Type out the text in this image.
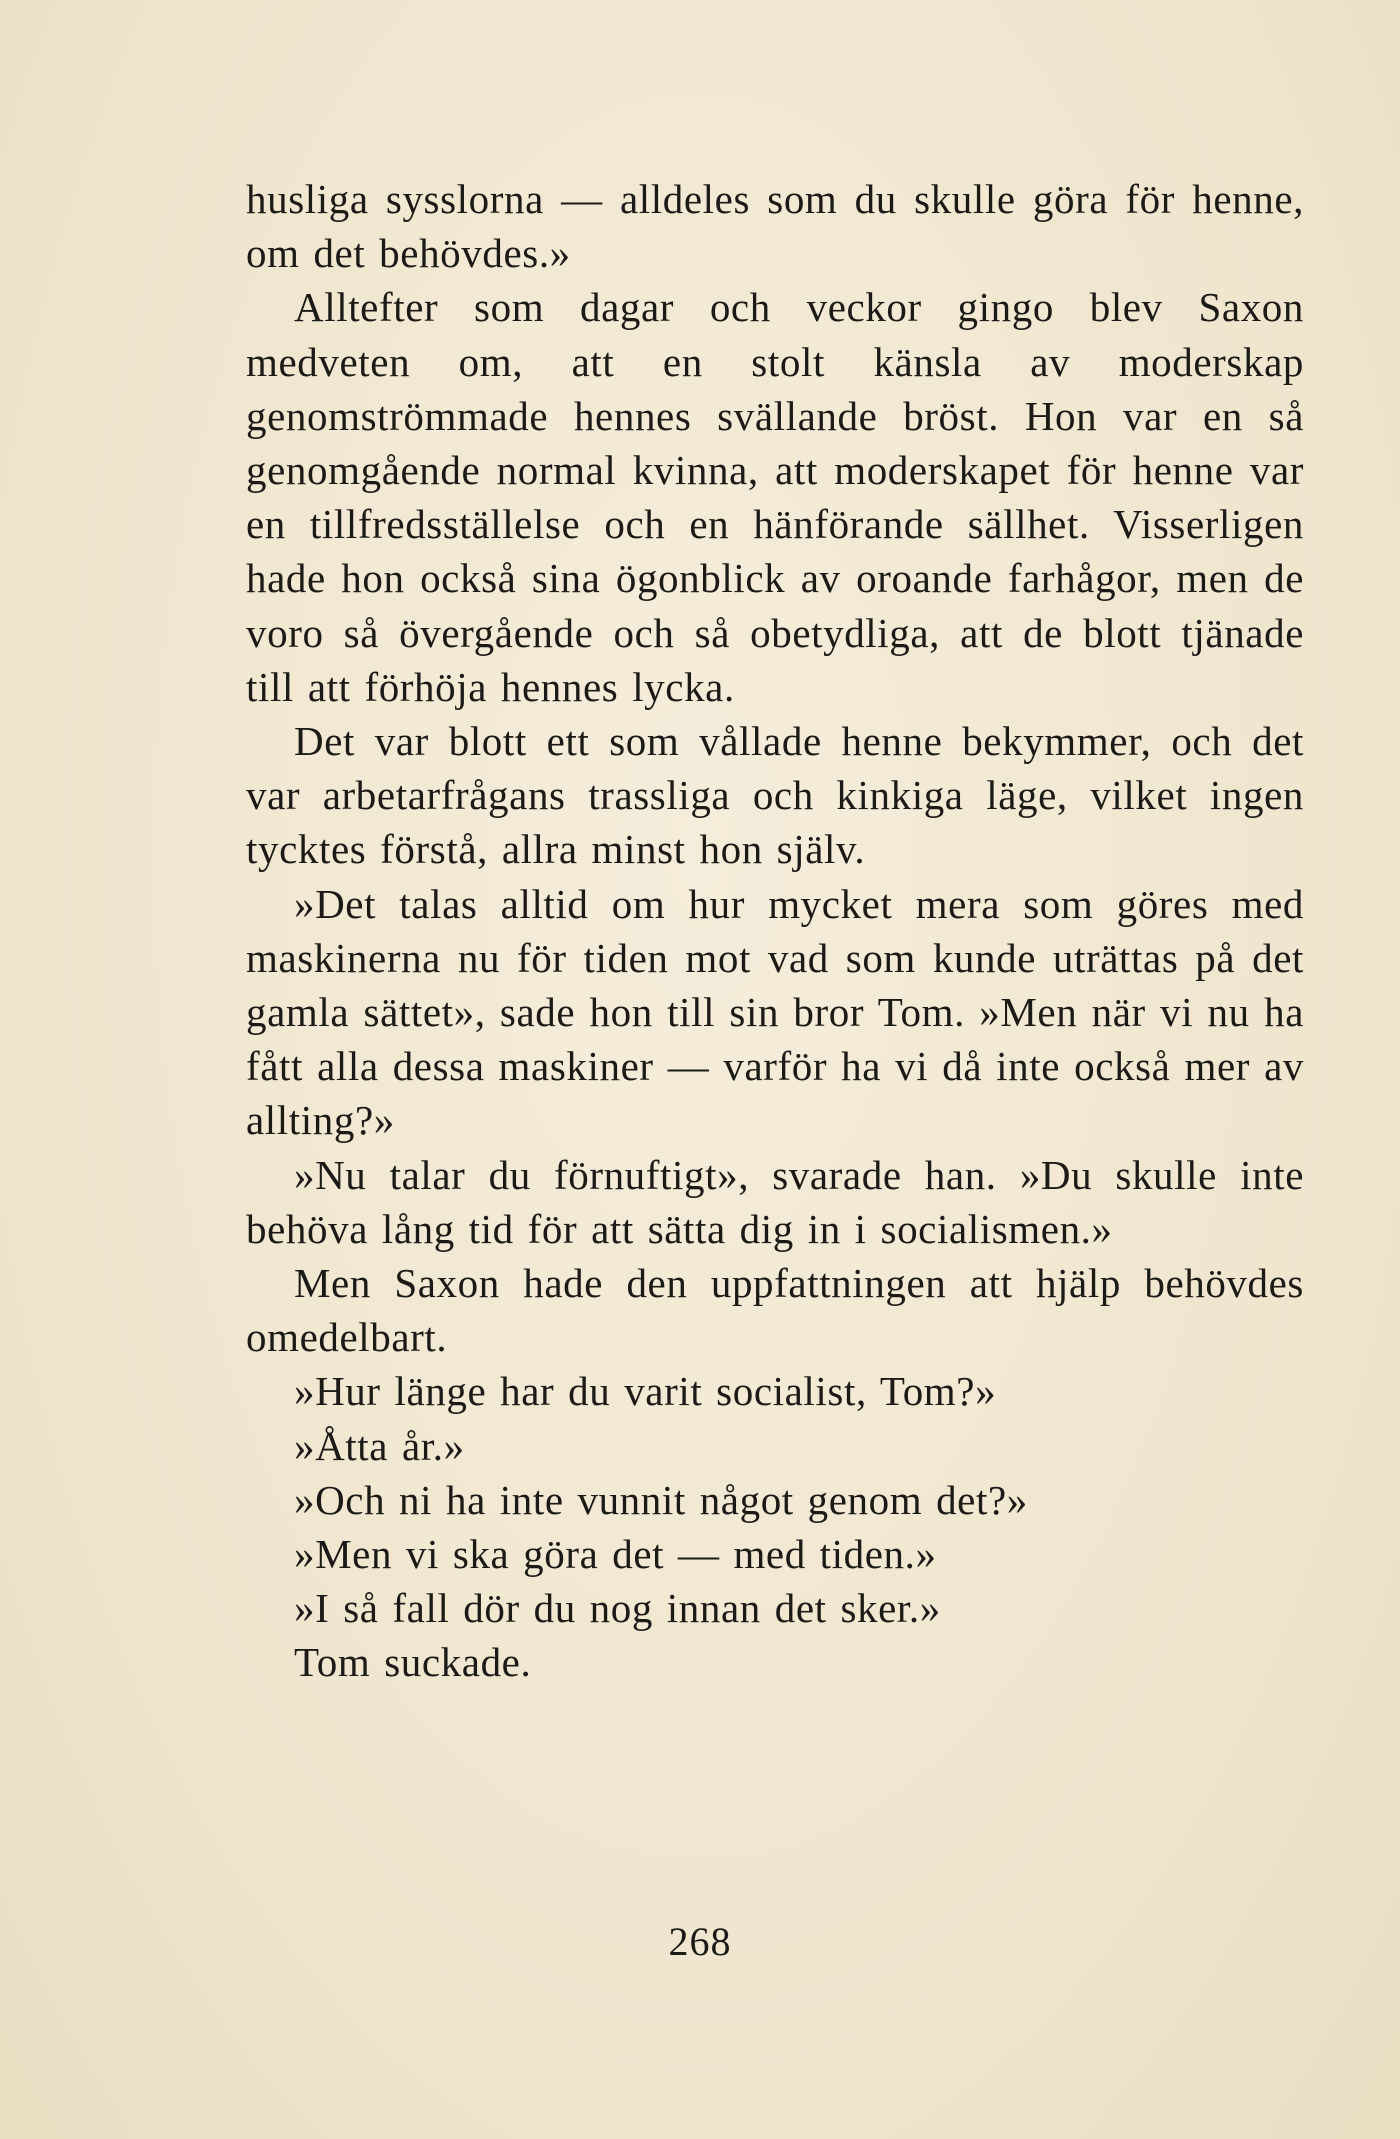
husliga sysslorna — alldeles som du skulle göra för henne, om det behövdes.»

Alltefter som dagar och veckor gingo blev Saxon medveten om, att en stolt känsla av moderskap genomströmmade hennes svällande bröst. Hon var en så genomgående normal kvinna, att moderskapet för henne var en tillfredsställelse och en hänförande sällhet. Visserligen hade hon också sina ögonblick av oroande farhågor, men de voro så övergående och så obetydliga, att de blott tjänade till att förhöja hennes lycka.

Det var blott ett som vållade henne bekymmer, och det var arbetarfrågans trassliga och kinkiga läge, vilket ingen tycktes förstå, allra minst hon själv.

»Det talas alltid om hur mycket mera som göres med maskinerna nu för tiden mot vad som kunde uträttas på det gamla sättet», sade hon till sin bror Tom. »Men när vi nu ha fått alla dessa maskiner — varför ha vi då inte också mer av allting?»

»Nu talar du förnuftigt», svarade han. »Du skulle inte behöva lång tid för att sätta dig in i socialismen.»

Men Saxon hade den uppfattningen att hjälp behövdes omedelbart.

»Hur länge har du varit socialist, Tom?»

»Åtta år.»

»Och ni ha inte vunnit något genom det?»

»Men vi ska göra det — med tiden.»

»I så fall dör du nog innan det sker.»

Tom suckade.

268
